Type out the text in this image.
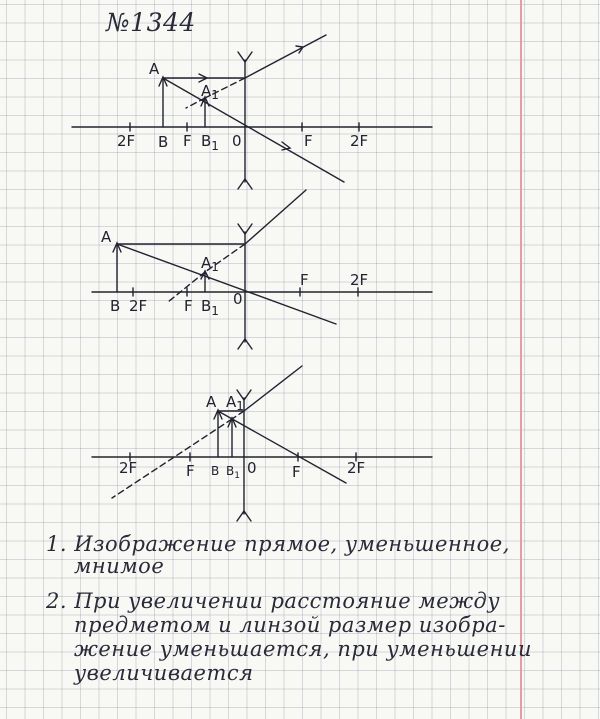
№1344
A
$A_1$
2F B F $B_1$ 0	F 2F
A
$A_1$
B 2F F $B_1$
0
F	2F
A $A_1$
2F	F B $B_1$ 0 F	2F
1. Изображение прямое, уменьшенное,
мнимое
2. При увеличении расстояние между
предметом и линзой размер изобра-
жение уменьшается, при уменьшении
увеличивается
